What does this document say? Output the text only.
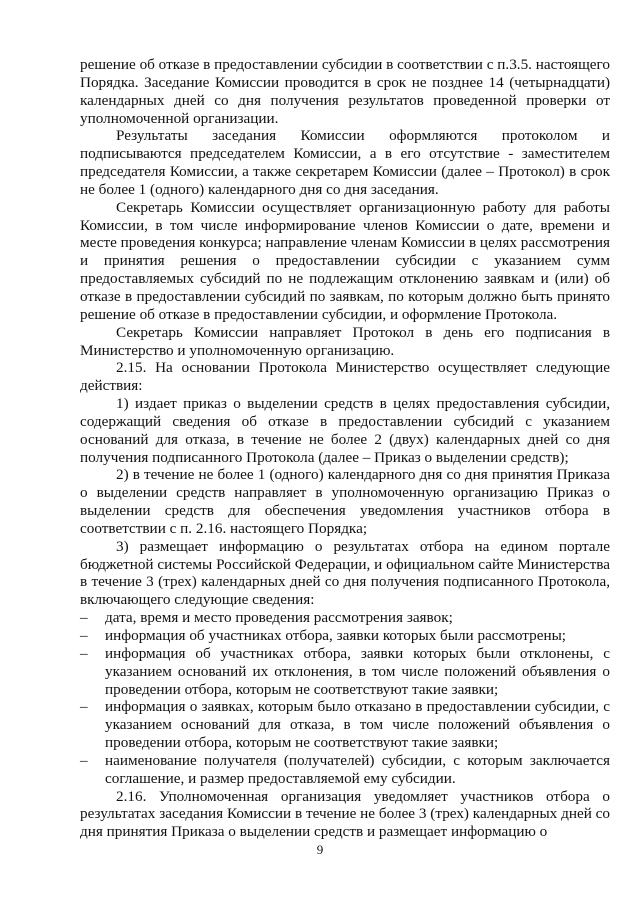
решение об отказе в предоставлении субсидии в соответствии с п.3.5. настоящего Порядка. Заседание Комиссии проводится в срок не позднее 14 (четырнадцати) календарных дней со дня получения результатов проведенной проверки от уполномоченной организации.

Результаты заседания Комиссии оформляются протоколом и подписываются председателем Комиссии, а в его отсутствие - заместителем председателя Комиссии, а также секретарем Комиссии (далее – Протокол) в срок не более 1 (одного) календарного дня со дня заседания.

Секретарь Комиссии осуществляет организационную работу для работы Комиссии, в том числе информирование членов Комиссии о дате, времени и месте проведения конкурса; направление членам Комиссии в целях рассмотрения и принятия решения о предоставлении субсидии с указанием сумм предоставляемых субсидий по не подлежащим отклонению заявкам и (или) об отказе в предоставлении субсидий по заявкам, по которым должно быть принято решение об отказе в предоставлении субсидии, и оформление Протокола.

Секретарь Комиссии направляет Протокол в день его подписания в Министерство и уполномоченную организацию.

2.15. На основании Протокола Министерство осуществляет следующие действия:

1) издает приказ о выделении средств в целях предоставления субсидии, содержащий сведения об отказе в предоставлении субсидий с указанием оснований для отказа, в течение не более 2 (двух) календарных дней со дня получения подписанного Протокола (далее – Приказ о выделении средств);

2) в течение не более 1 (одного) календарного дня со дня принятия Приказа о выделении средств направляет в уполномоченную организацию Приказ о выделении средств для обеспечения уведомления участников отбора в соответствии с п. 2.16. настоящего Порядка;

3) размещает информацию о результатах отбора на едином портале бюджетной системы Российской Федерации, и официальном сайте Министерства в течение 3 (трех) календарных дней со дня получения подписанного Протокола, включающего следующие сведения:

– дата, время и место проведения рассмотрения заявок;
– информация об участниках отбора, заявки которых были рассмотрены;
– информация об участниках отбора, заявки которых были отклонены, с указанием оснований их отклонения, в том числе положений объявления о проведении отбора, которым не соответствуют такие заявки;
– информация о заявках, которым было отказано в предоставлении субсидии, с указанием оснований для отказа, в том числе положений объявления о проведении отбора, которым не соответствуют такие заявки;
– наименование получателя (получателей) субсидии, с которым заключается соглашение, и размер предоставляемой ему субсидии.

2.16. Уполномоченная организация уведомляет участников отбора о результатах заседания Комиссии в течение не более 3 (трех) календарных дней со дня принятия Приказа о выделении средств и размещает информацию о

9
